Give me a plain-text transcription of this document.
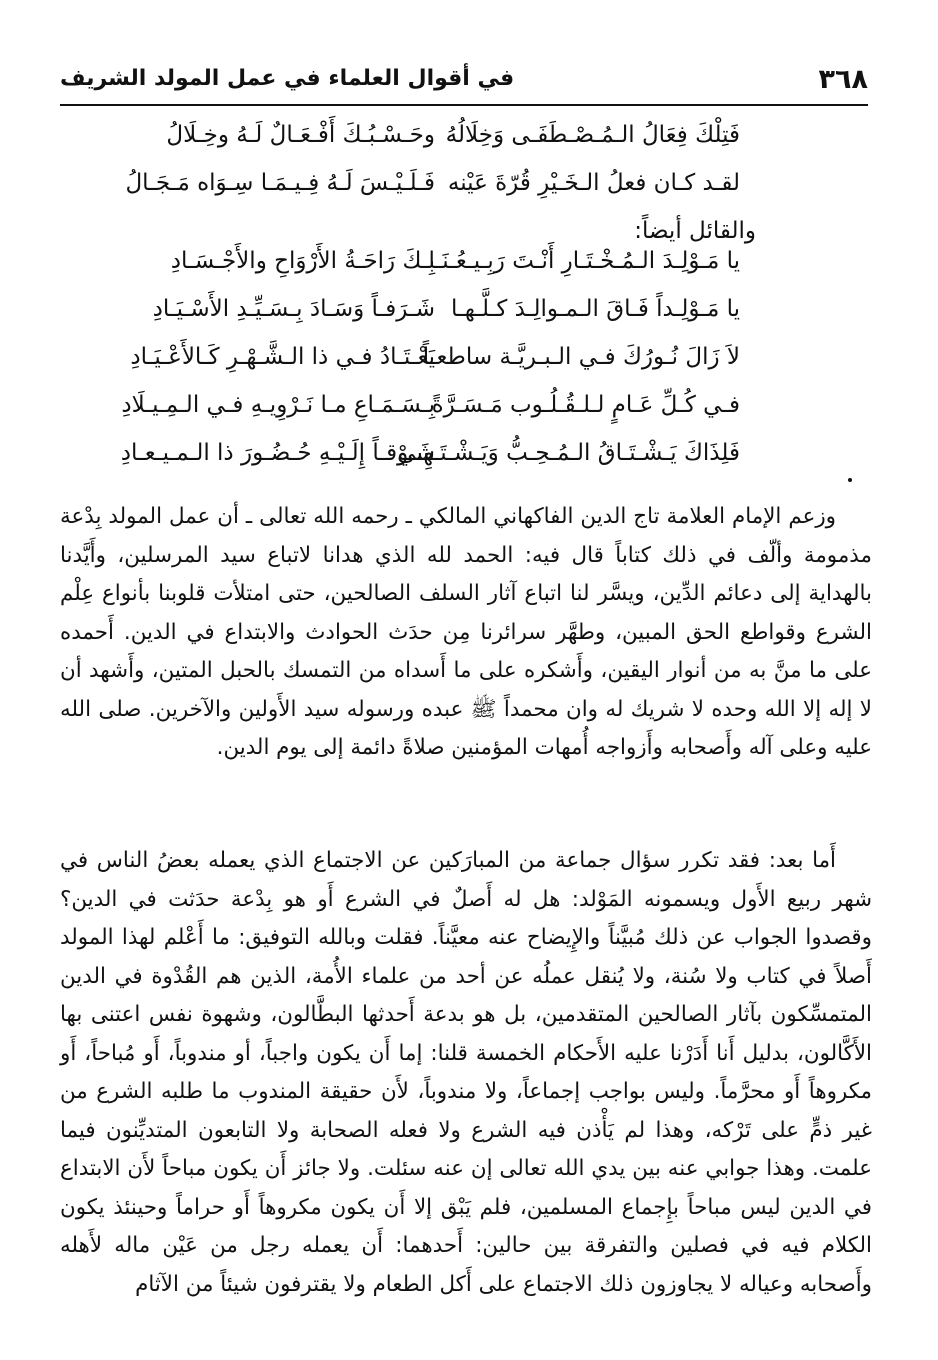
٣٦٨
في أقوال العلماء في عمل المولد الشريف
فَتِلْكَ فِعَالُ الـمُـصْـطَفَـى وَخِلَالُهُ
وحَـسْـبُـكَ أَفْـعَـالٌ لَـهُ وخِـلَالُ
لقـد كـان فعلُ الـخَـيْرِ قُرّةَ عَيْنه
فَـلَـيْـسَ لَـهُ فِـيـمَـا سِـوَاه مَـجَـالُ
والقائل أيضاً:
يا مَـوْلِـدَ الـمُـخْـتَـارِ أَنْـتَ رَبِـيـعُـنَـا
بِـكَ رَاحَـةُ الأَرْوَاحِ والأَجْـسَـادِ
يا مَـوْلِـداً فَـاقَ الـمـوالِـدَ كـلَّـهـا
شَـرَفـاً وَسَـادَ بِـسَـيِّـدِ الأَسْـيَـادِ
لاَ زَالَ نُـورُكَ فـي الـبـريَّـة ساطعـاً
يَعْـتَـادُ فـي ذا الـشَّـهْـرِ كَـالأَعْـيَـادِ
فـي كُـلِّ عَـامٍ لـلـقُـلُـوب مَـسَـرَّةً
بِـسَـمَـاعِ مـا نَـرْوِيـهِ فـي الـمِـيـلَادِ
فَلِذَاكَ يَـشْـتَـاقُ الـمُـحِـبُّ وَيَـشْـتَـهِـي
شَـوْقـاً إِلَـيْـهِ حُـضُـورَ ذا الـمـيـعـادِ

وزعم الإمام العلامة تاج الدين الفاكهاني المالكي ـ رحمه الله تعالى ـ أن عمل المولد بِدْعة مذمومة وألّف في ذلك كتاباً قال فيه: الحمد لله الذي هدانا لاتباع سيد المرسلين، وأَيَّدنا بالهداية إلى دعائم الدِّين، ويسَّر لنا اتباع آثار السلف الصالحين، حتى امتلأت قلوبنا بأنواع عِلْم الشرع وقواطع الحق المبين، وطهَّر سرائرنا مِن حدَث الحوادث والابتداع في الدين. أَحمده على ما منَّ به من أنوار اليقين، وأَشكره على ما أَسداه من التمسك بالحبل المتين، وأَشهد أن لا إله إلا الله وحده لا شريك له وان محمداً ﷺ عبده ورسوله سيد الأَولين والآخرين. صلى الله عليه وعلى آله وأَصحابه وأَزواجه أُمهات المؤمنين صلاةً دائمة إلى يوم الدين.

أَما بعد: فقد تكرر سؤال جماعة من المبارَكين عن الاجتماع الذي يعمله بعضُ الناس في شهر ربيع الأَول ويسمونه المَوْلد: هل له أَصلٌ في الشرع أَو هو بِدْعة حدَثت في الدين؟ وقصدوا الجواب عن ذلك مُبيَّناً والإِيضاح عنه معيَّناً. فقلت وبالله التوفيق: ما أَعْلم لهذا المولد أَصلاً في كتاب ولا سُنة، ولا يُنقل عملُه عن أحد من علماء الأُمة، الذين هم القُدْوة في الدين المتمسِّكون بآثار الصالحين المتقدمين، بل هو بدعة أَحدثها البطَّالون، وشهوة نفس اعتنى بها الأَكَّالون، بدليل أَنا أَدَرْنا عليه الأَحكام الخمسة قلنا: إما أَن يكون واجباً، أو مندوباً، أَو مُباحاً، أَو مكروهاً أَو محرَّماً. وليس بواجب إجماعاً، ولا مندوباً، لأَن حقيقة المندوب ما طلبه الشرع من غير ذمٍّ على تَرْكه، وهذا لم يَأْذن فيه الشرع ولا فعله الصحابة ولا التابعون المتديِّنون فيما علمت. وهذا جوابي عنه بين يدي الله تعالى إن عنه سئلت. ولا جائز أَن يكون مباحاً لأَن الابتداع في الدين ليس مباحاً بإِجماع المسلمين، فلم يَبْق إلا أَن يكون مكروهاً أَو حراماً وحينئذ يكون الكلام فيه في فصلين والتفرقة بين حالين: أَحدهما: أَن يعمله رجل من عَيْن ماله لأَهله وأَصحابه وعياله لا يجاوزون ذلك الاجتماع على أَكل الطعام ولا يقترفون شيئاً من الآثام
